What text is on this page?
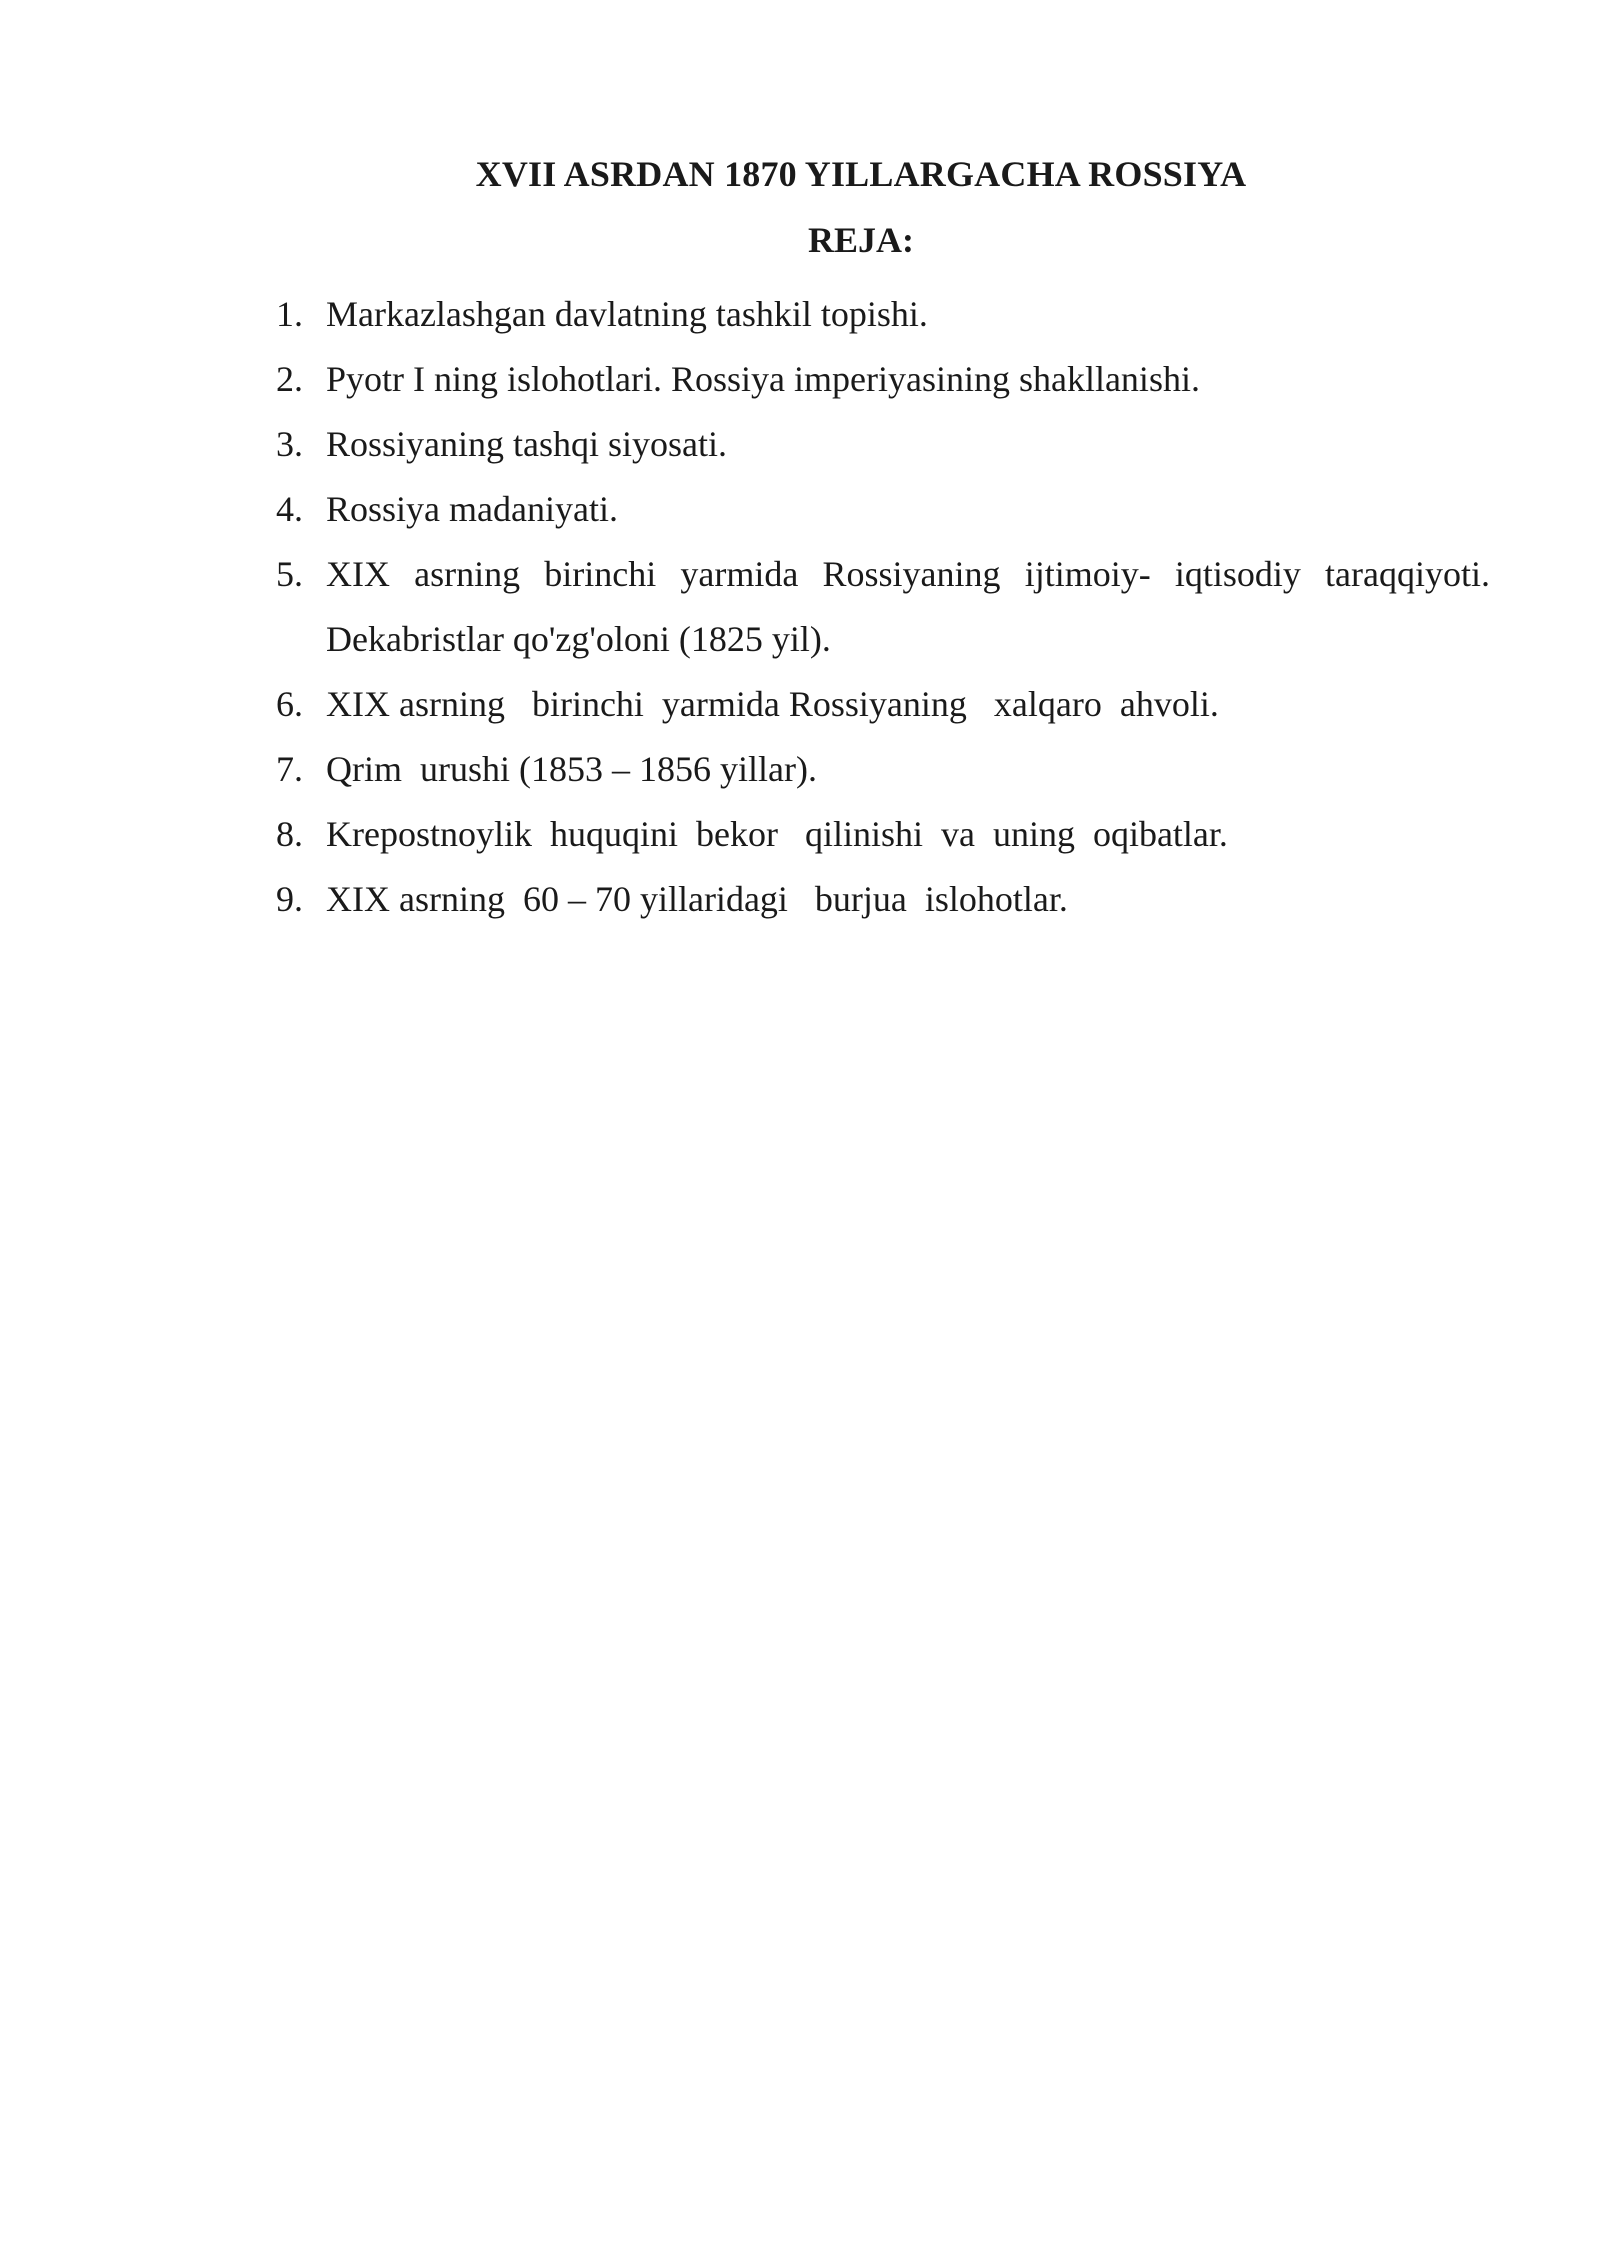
XVII ASRDAN 1870 YILLARGACHA ROSSIYA
REJA:
1. Markazlashgan davlatning tashkil topishi.
2. Pyotr I ning islohotlari. Rossiya imperiyasining shakllanishi.
3. Rossiyaning tashqi siyosati.
4. Rossiya madaniyati.
5. XIX asrning birinchi yarmida Rossiyaning ijtimoiy- iqtisodiy taraqqiyoti. Dekabristlar qo'zg'oloni (1825 yil).
6. XIX asrning   birinchi  yarmida Rossiyaning   xalqaro  ahvoli.
7. Qrim  urushi (1853 – 1856 yillar).
8. Krepostnoylik  huquqini  bekor   qilinishi  va  uning  oqibatlar.
9. XIX asrning  60 – 70 yillaridagi   burjua  islohotlar.
